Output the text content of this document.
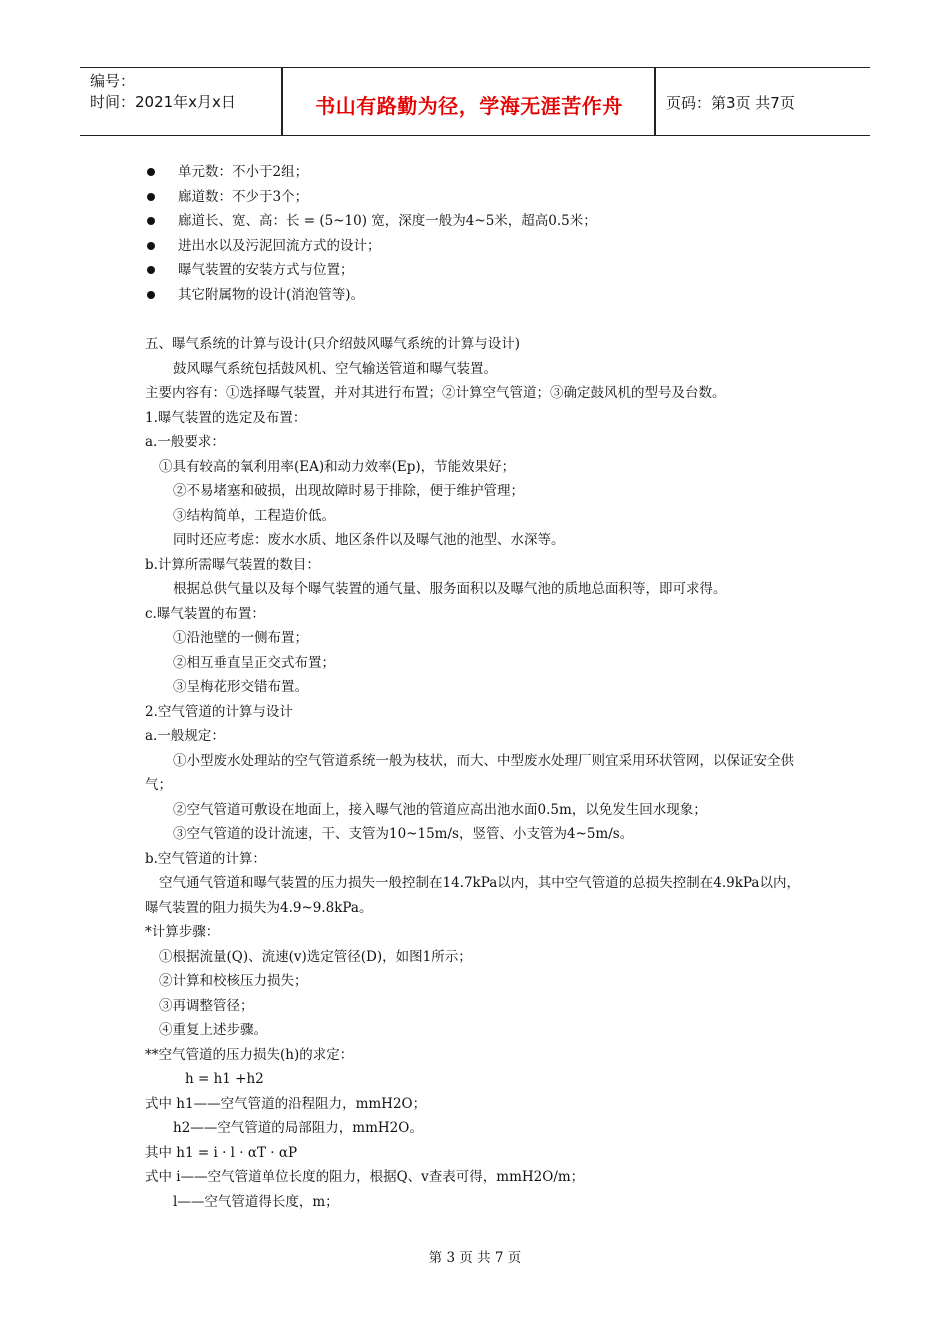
编号：
时间：2021年x月x日	书山有路勤为径，学海无涯苦作舟	页码：第3页 共7页
单元数：不小于2组；
廊道数：不少于3个；
廊道长、宽、高：长 = (5~10) 宽，深度一般为4~5米，超高0.5米；
进出水以及污泥回流方式的设计；
曝气装置的安装方式与位置；
其它附属物的设计(消泡管等)。
五、曝气系统的计算与设计(只介绍鼓风曝气系统的计算与设计)
鼓风曝气系统包括鼓风机、空气输送管道和曝气装置。
主要内容有：①选择曝气装置，并对其进行布置；②计算空气管道；③确定鼓风机的型号及台数。
1.曝气装置的选定及布置：
a.一般要求：
①具有较高的氧利用率(EA)和动力效率(Ep)，节能效果好；
②不易堵塞和破损，出现故障时易于排除，便于维护管理；
③结构简单，工程造价低。
同时还应考虑：废水水质、地区条件以及曝气池的池型、水深等。
b.计算所需曝气装置的数目：
根据总供气量以及每个曝气装置的通气量、服务面积以及曝气池的质地总面积等，即可求得。
c.曝气装置的布置：
①沿池壁的一侧布置；
②相互垂直呈正交式布置；
③呈梅花形交错布置。
2.空气管道的计算与设计
a.一般规定：
①小型废水处理站的空气管道系统一般为枝状，而大、中型废水处理厂则宜采用环状管网，以保证安全供气；
②空气管道可敷设在地面上，接入曝气池的管道应高出池水面0.5m，以免发生回水现象；
③空气管道的设计流速，干、支管为10~15m/s，竖管、小支管为4~5m/s。
b.空气管道的计算：
空气通气管道和曝气装置的压力损失一般控制在14.7kPa以内，其中空气管道的总损失控制在4.9kPa以内，曝气装置的阻力损失为4.9~9.8kPa。
*计算步骤：
①根据流量(Q)、流速(v)选定管径(D)，如图1所示；
②计算和校核压力损失；
③再调整管径；
④重复上述步骤。
**空气管道的压力损失(h)的求定：
h = h1 +h2
式中 h1——空气管道的沿程阻力，mmH2O；
h2——空气管道的局部阻力，mmH2O。
其中 h1 = i · l · αT · αP
式中 i——空气管道单位长度的阻力，根据Q、v查表可得，mmH2O/m；
l——空气管道得长度，m；
第 3 页 共 7 页
